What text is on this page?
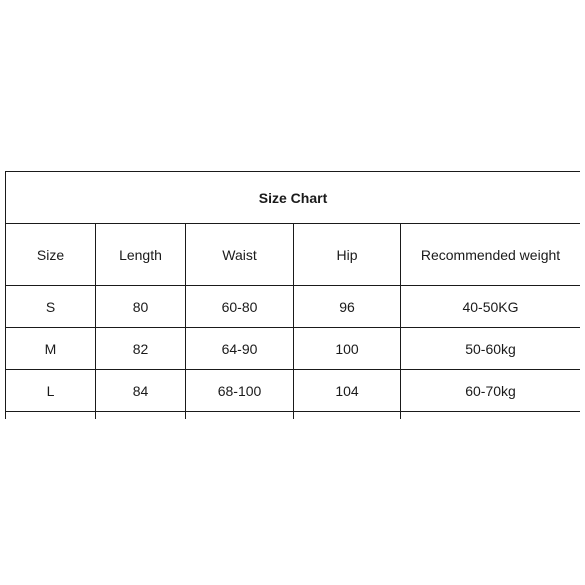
Size Chart				
Size	Length	Waist	Hip	Recommended weight
S	80	60-80	96	40-50KG
M	82	64-90	100	50-60kg
L	84	68-100	104	60-70kg
